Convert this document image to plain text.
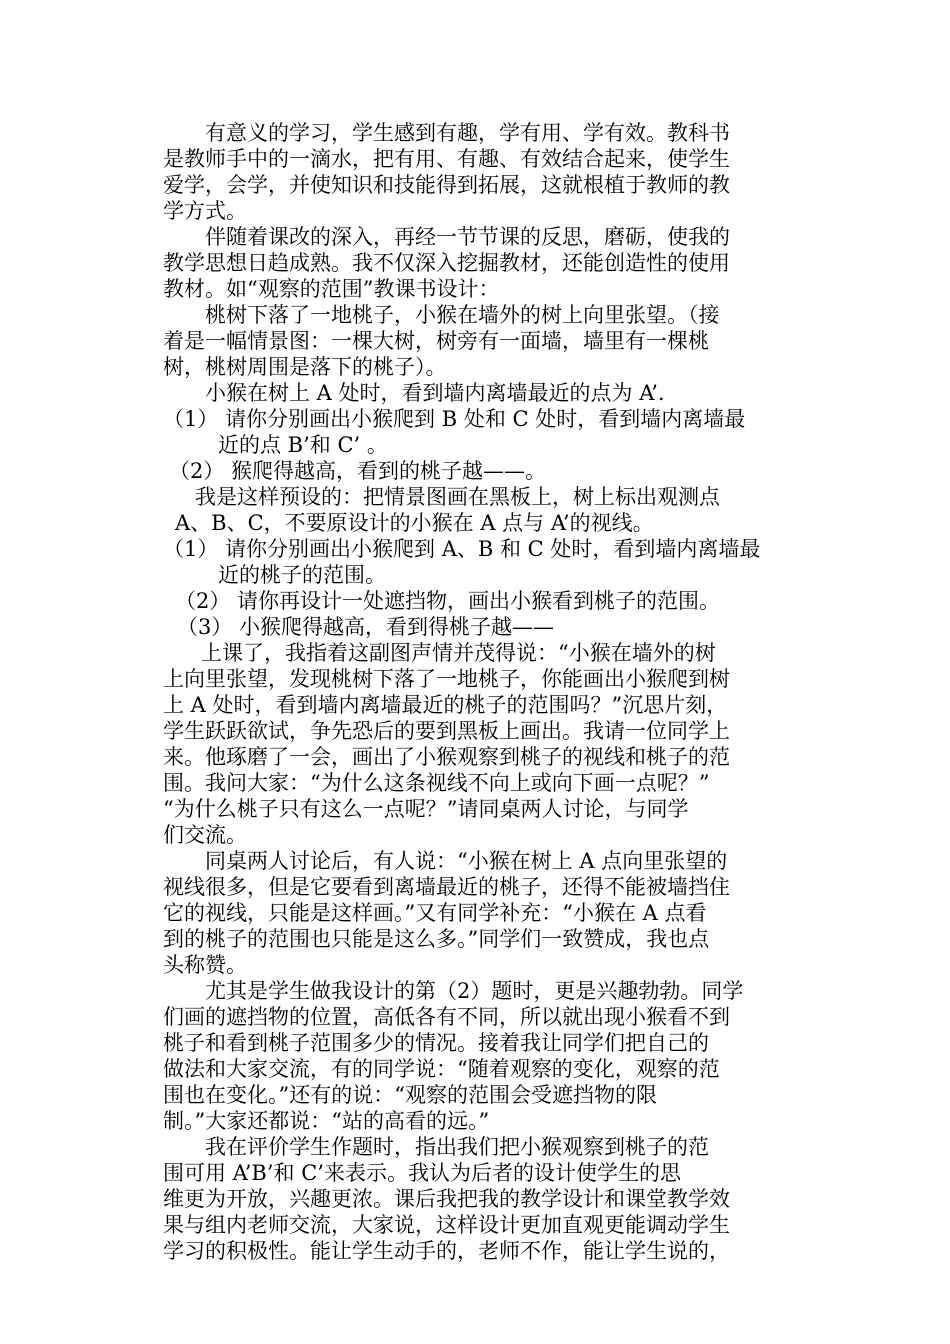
有意义的学习，学生感到有趣，学有用、学有效。教科书
是教师手中的一滴水，把有用、有趣、有效结合起来，使学生
爱学，会学，并使知识和技能得到拓展，这就根植于教师的教
学方式。
伴随着课改的深入，再经一节节课的反思，磨砺，使我的
教学思想日趋成熟。我不仅深入挖掘教材，还能创造性的使用
教材。如“观察的范围”教课书设计：
桃树下落了一地桃子，小猴在墙外的树上向里张望。（接
着是一幅情景图：一棵大树，树旁有一面墙，墙里有一棵桃
树，桃树周围是落下的桃子）。
小猴在树上 A 处时，看到墙内离墙最近的点为 A’．
（1） 请你分别画出小猴爬到 B 处和 C 处时，看到墙内离墙最
近的点 B’和 C’ 。
（2） 猴爬得越高，看到的桃子越——。
我是这样预设的：把情景图画在黑板上，树上标出观测点
A、B、C，不要原设计的小猴在 A 点与 A’的视线。
（1） 请你分别画出小猴爬到 A、B 和 C 处时，看到墙内离墙最
近的桃子的范围。
（2） 请你再设计一处遮挡物，画出小猴看到桃子的范围。
（3） 小猴爬得越高，看到得桃子越——
上课了，我指着这副图声情并茂得说：“小猴在墙外的树
上向里张望，发现桃树下落了一地桃子，你能画出小猴爬到树
上 A 处时，看到墙内离墙最近的桃子的范围吗？”沉思片刻，
学生跃跃欲试，争先恐后的要到黑板上画出。我请一位同学上
来。他琢磨了一会，画出了小猴观察到桃子的视线和桃子的范
围。我问大家：“为什么这条视线不向上或向下画一点呢？”
“为什么桃子只有这么一点呢？”请同桌两人讨论，与同学
们交流。
同桌两人讨论后，有人说：“小猴在树上 A 点向里张望的
视线很多，但是它要看到离墙最近的桃子，还得不能被墙挡住
它的视线，只能是这样画。”又有同学补充：“小猴在 A 点看
到的桃子的范围也只能是这么多。”同学们一致赞成，我也点
头称赞。
尤其是学生做我设计的第（2）题时，更是兴趣勃勃。同学
们画的遮挡物的位置，高低各有不同，所以就出现小猴看不到
桃子和看到桃子范围多少的情况。接着我让同学们把自己的
做法和大家交流，有的同学说：“随着观察的变化，观察的范
围也在变化。”还有的说：“观察的范围会受遮挡物的限
制。”大家还都说：“站的高看的远。”
我在评价学生作题时，指出我们把小猴观察到桃子的范
围可用 A’B’和 C’来表示。我认为后者的设计使学生的思
维更为开放，兴趣更浓。课后我把我的教学设计和课堂教学效
果与组内老师交流，大家说，这样设计更加直观更能调动学生
学习的积极性。能让学生动手的，老师不作，能让学生说的，
